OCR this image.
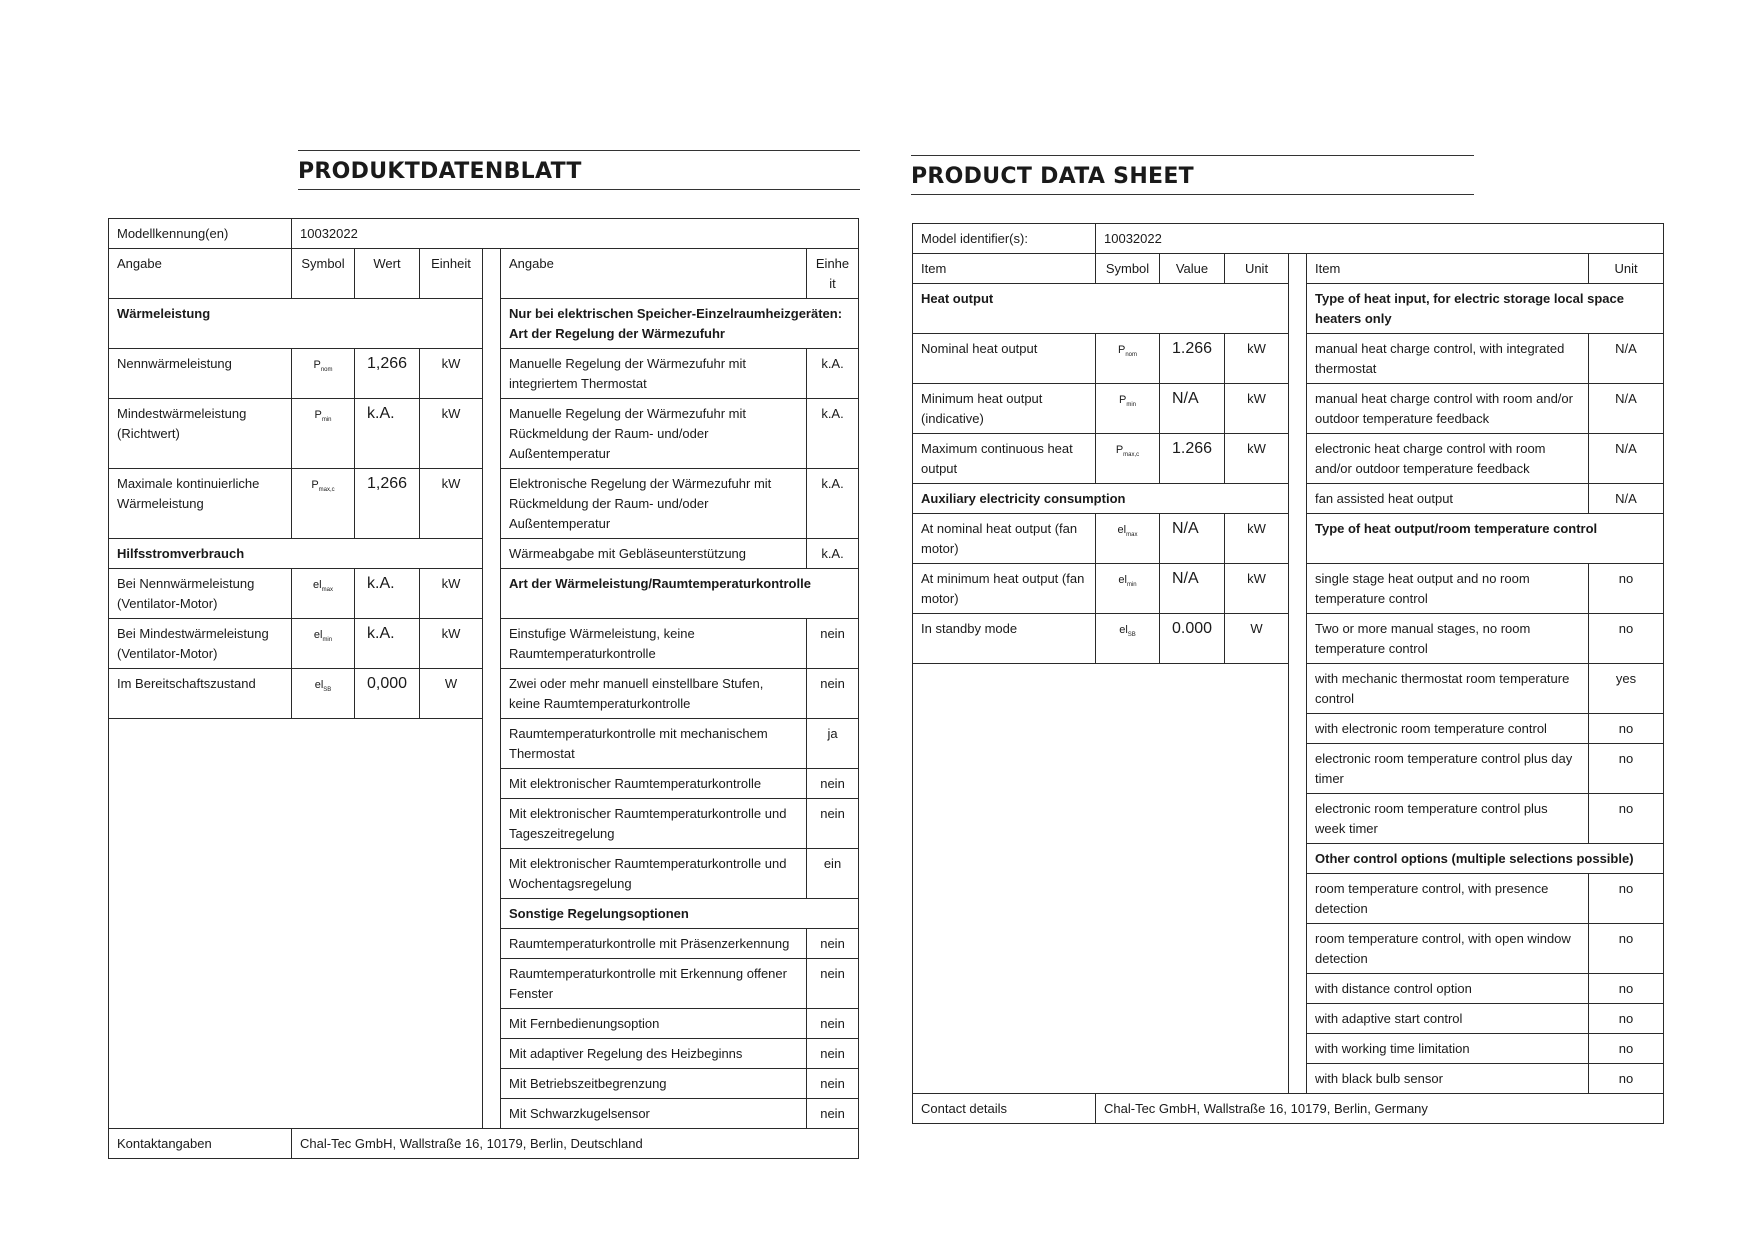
PRODUKTDATENBLATT
Modellkennung(en)	10032022					
Angabe	Symbol	Wert	Einheit		Angabe	Einheit
Wärmeleistung					Nur bei elektrischen Speicher-Einzelraumheizgeräten: Art der Regelung der Wärmezufuhr	
Nennwärmeleistung	$P_{nom}$	1,266	kW		Manuelle Regelung der Wärmezufuhr mit integriertem Thermostat	k.A.
Mindestwärmeleistung (Richtwert)	$P_{min}$	k.A.	kW		Manuelle Regelung der Wärmezufuhr mit Rückmeldung der Raum- und/oder Außentemperatur	k.A.
Maximale kontinuierliche Wärmeleistung	$P_{max,c}$	1,266	kW		Elektronische Regelung der Wärmezufuhr mit Rückmeldung der Raum- und/oder Außentemperatur	k.A.
Hilfsstromverbrauch					Wärmeabgabe mit Gebläseunterstützung	k.A.
Bei Nennwärmeleistung (Ventilator-Motor)	$el_{max}$	k.A.	kW		Art der Wärmeleistung/Raumtemperaturkontrolle	
Bei Mindestwärmeleistung (Ventilator-Motor)	$el_{min}$	k.A.	kW		Einstufige Wärmeleistung, keine Raumtemperaturkontrolle	nein
Im Bereitschaftszustand	$el_{SB}$	0,000	W		Zwei oder mehr manuell einstellbare Stufen, keine Raumtemperaturkontrolle	nein
					Raumtemperaturkontrolle mit mechanischem Thermostat	ja
					Mit elektronischer Raumtemperaturkontrolle	nein
					Mit elektronischer Raumtemperaturkontrolle und Tageszeitregelung	nein
					Mit elektronischer Raumtemperaturkontrolle und Wochentagsregelung	ein
					Sonstige Regelungsoptionen	
					Raumtemperaturkontrolle mit Präsenzerkennung	nein
					Raumtemperaturkontrolle mit Erkennung offener Fenster	nein
					Mit Fernbedienungsoption	nein
					Mit adaptiver Regelung des Heizbeginns	nein
					Mit Betriebszeitbegrenzung	nein
					Mit Schwarzkugelsensor	nein
Kontaktangaben	Chal-Tec GmbH, Wallstraße 16, 10179, Berlin, Deutschland					
PRODUCT DATA SHEET
Model identifier(s):	10032022					
Item	Symbol	Value	Unit		Item	Unit
Heat output					Type of heat input, for electric storage local space heaters only	
Nominal heat output	$P_{nom}$	1.266	kW		manual heat charge control, with integrated thermostat	N/A
Minimum heat output (indicative)	$P_{min}$	N/A	kW		manual heat charge control with room and/or outdoor temperature feedback	N/A
Maximum continuous heat output	$P_{max,c}$	1.266	kW		electronic heat charge control with room and/or outdoor temperature feedback	N/A
Auxiliary electricity consumption					fan assisted heat output	N/A
At nominal heat output (fan motor)	$el_{max}$	N/A	kW		Type of heat output/room temperature control	
At minimum heat output (fan motor)	$el_{min}$	N/A	kW		single stage heat output and no room temperature control	no
In standby mode	$el_{SB}$	0.000	W		Two or more manual stages, no room temperature control	no
					with mechanic thermostat room temperature control	yes
					with electronic room temperature control	no
					electronic room temperature control plus day timer	no
					electronic room temperature control plus week timer	no
					Other control options (multiple selections possible)	
					room temperature control, with presence detection	no
					room temperature control, with open window detection	no
					with distance control option	no
					with adaptive start control	no
					with working time limitation	no
					with black bulb sensor	no
Contact details	Chal-Tec GmbH, Wallstraße 16, 10179, Berlin, Germany					
